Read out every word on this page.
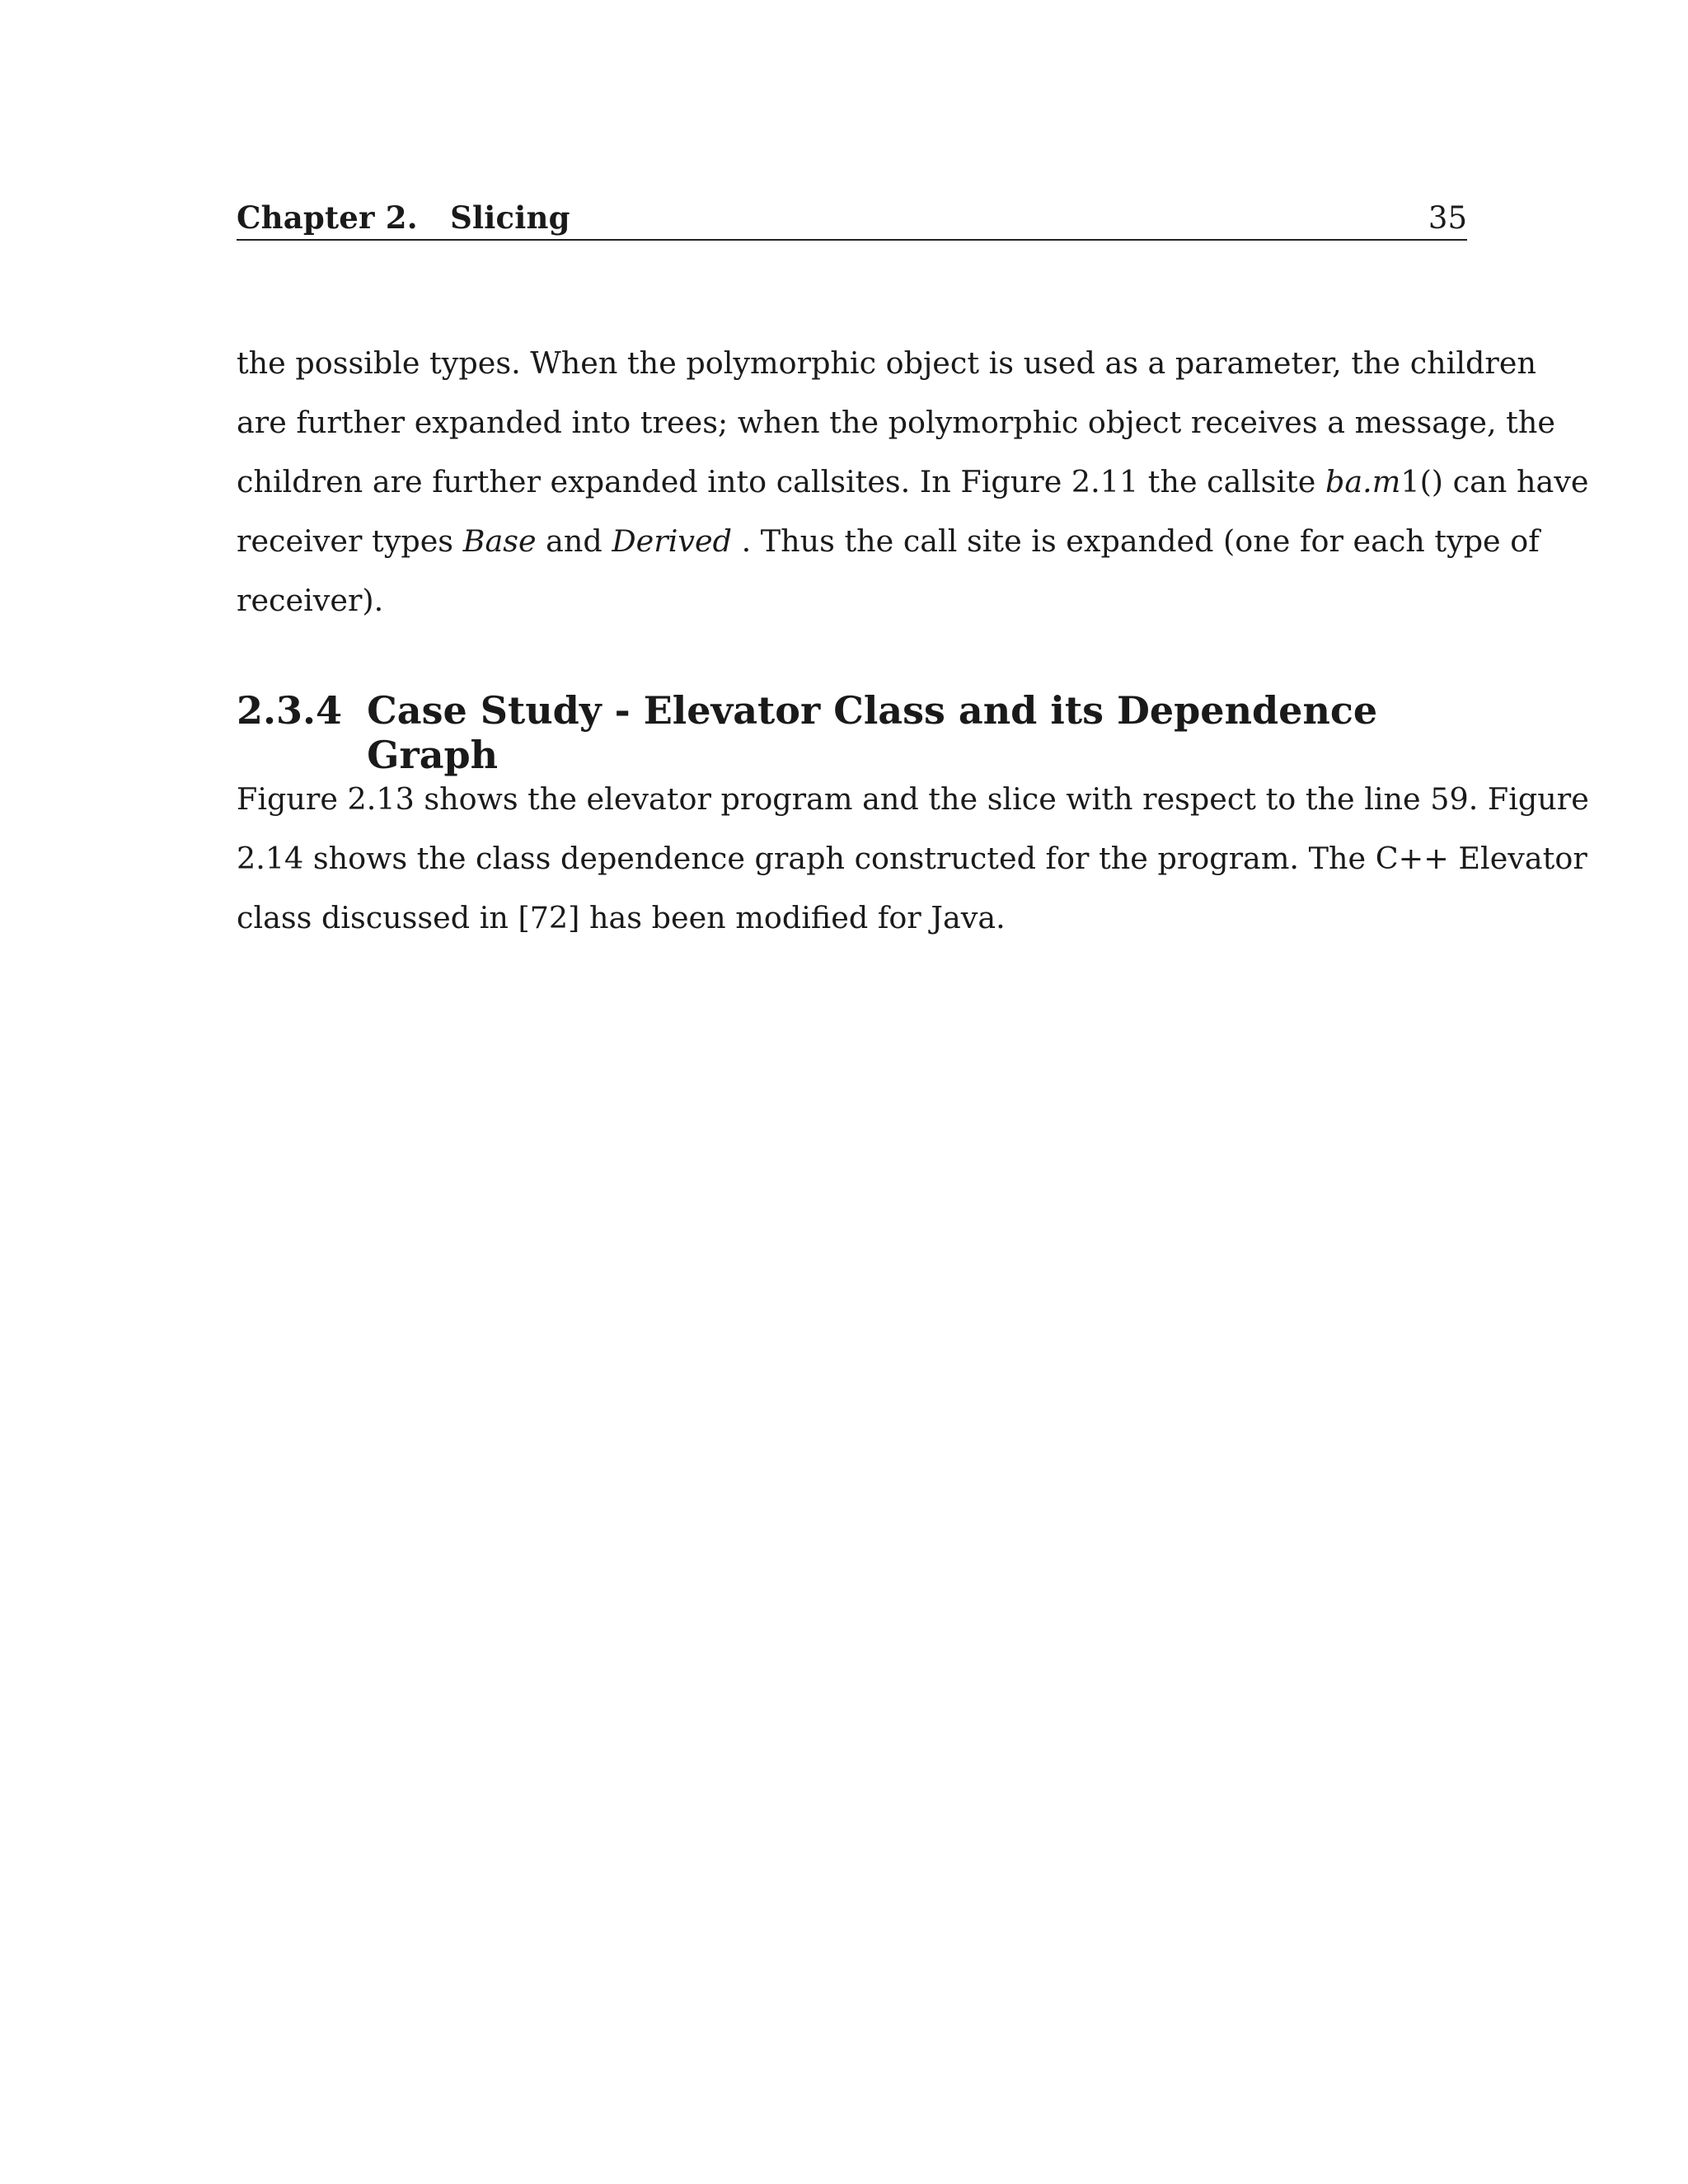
Chapter 2.   Slicing	35

the possible types. When the polymorphic object is used as a parameter, the children
are further expanded into trees; when the polymorphic object receives a message, the
children are further expanded into callsites. In Figure 2.11 the callsite ba.m1() can have
receiver types Base and Derived . Thus the call site is expanded (one for each type of
receiver).

2.3.4 Case Study - Elevator Class and its Dependence Graph

Figure 2.13 shows the elevator program and the slice with respect to the line 59. Figure
2.14 shows the class dependence graph constructed for the program. The C++ Elevator
class discussed in [72] has been modified for Java.
